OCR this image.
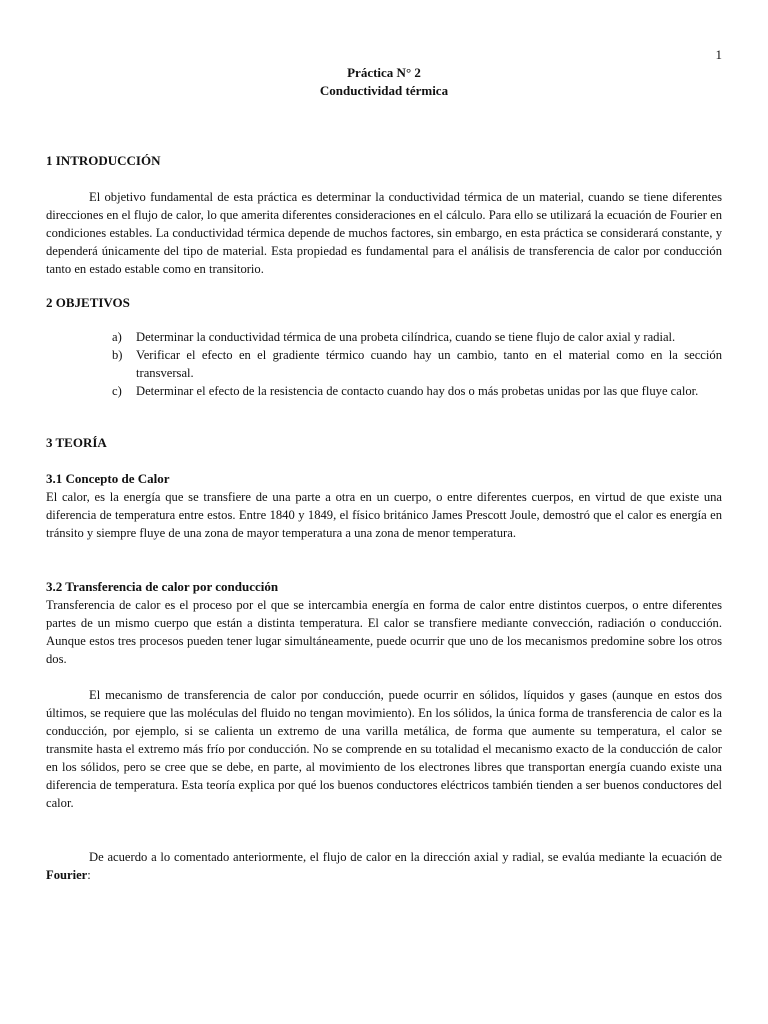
1
Práctica N° 2
Conductividad térmica
1 INTRODUCCIÓN

El objetivo fundamental de esta práctica es determinar la conductividad térmica de un material, cuando se tiene diferentes direcciones en el flujo de calor, lo que amerita diferentes consideraciones en el cálculo. Para ello se utilizará la ecuación de Fourier en condiciones estables. La conductividad térmica depende de muchos factores, sin embargo, en esta práctica se considerará constante, y dependerá únicamente del tipo de material. Esta propiedad es fundamental para el análisis de transferencia de calor por conducción tanto en estado estable como en transitorio.

2 OBJETIVOS
a) Determinar la conductividad térmica de una probeta cilíndrica, cuando se tiene flujo de calor axial y radial.
b) Verificar el efecto en el gradiente térmico cuando hay un cambio, tanto en el material como en la sección transversal.
c) Determinar el efecto de la resistencia de contacto cuando hay dos o más probetas unidas por las que fluye calor.
3 TEORÍA
3.1 Concepto de Calor

El calor, es la energía que se transfiere de una parte a otra en un cuerpo, o entre diferentes cuerpos, en virtud de que existe una diferencia de temperatura entre estos. Entre 1840 y 1849, el físico británico James Prescott Joule, demostró que el calor es energía en tránsito y siempre fluye de una zona de mayor temperatura a una zona de menor temperatura.

3.2 Transferencia de calor por conducción

Transferencia de calor es el proceso por el que se intercambia energía en forma de calor entre distintos cuerpos, o entre diferentes partes de un mismo cuerpo que están a distinta temperatura. El calor se transfiere mediante convección, radiación o conducción. Aunque estos tres procesos pueden tener lugar simultáneamente, puede ocurrir que uno de los mecanismos predomine sobre los otros dos.

El mecanismo de transferencia de calor por conducción, puede ocurrir en sólidos, líquidos y gases (aunque en estos dos últimos, se requiere que las moléculas del fluido no tengan movimiento). En los sólidos, la única forma de transferencia de calor es la conducción, por ejemplo, si se calienta un extremo de una varilla metálica, de forma que aumente su temperatura, el calor se transmite hasta el extremo más frío por conducción. No se comprende en su totalidad el mecanismo exacto de la conducción de calor en los sólidos, pero se cree que se debe, en parte, al movimiento de los electrones libres que transportan energía cuando existe una diferencia de temperatura. Esta teoría explica por qué los buenos conductores eléctricos también tienden a ser buenos conductores del calor.

De acuerdo a lo comentado anteriormente, el flujo de calor en la dirección axial y radial, se evalúa mediante la ecuación de Fourier:
